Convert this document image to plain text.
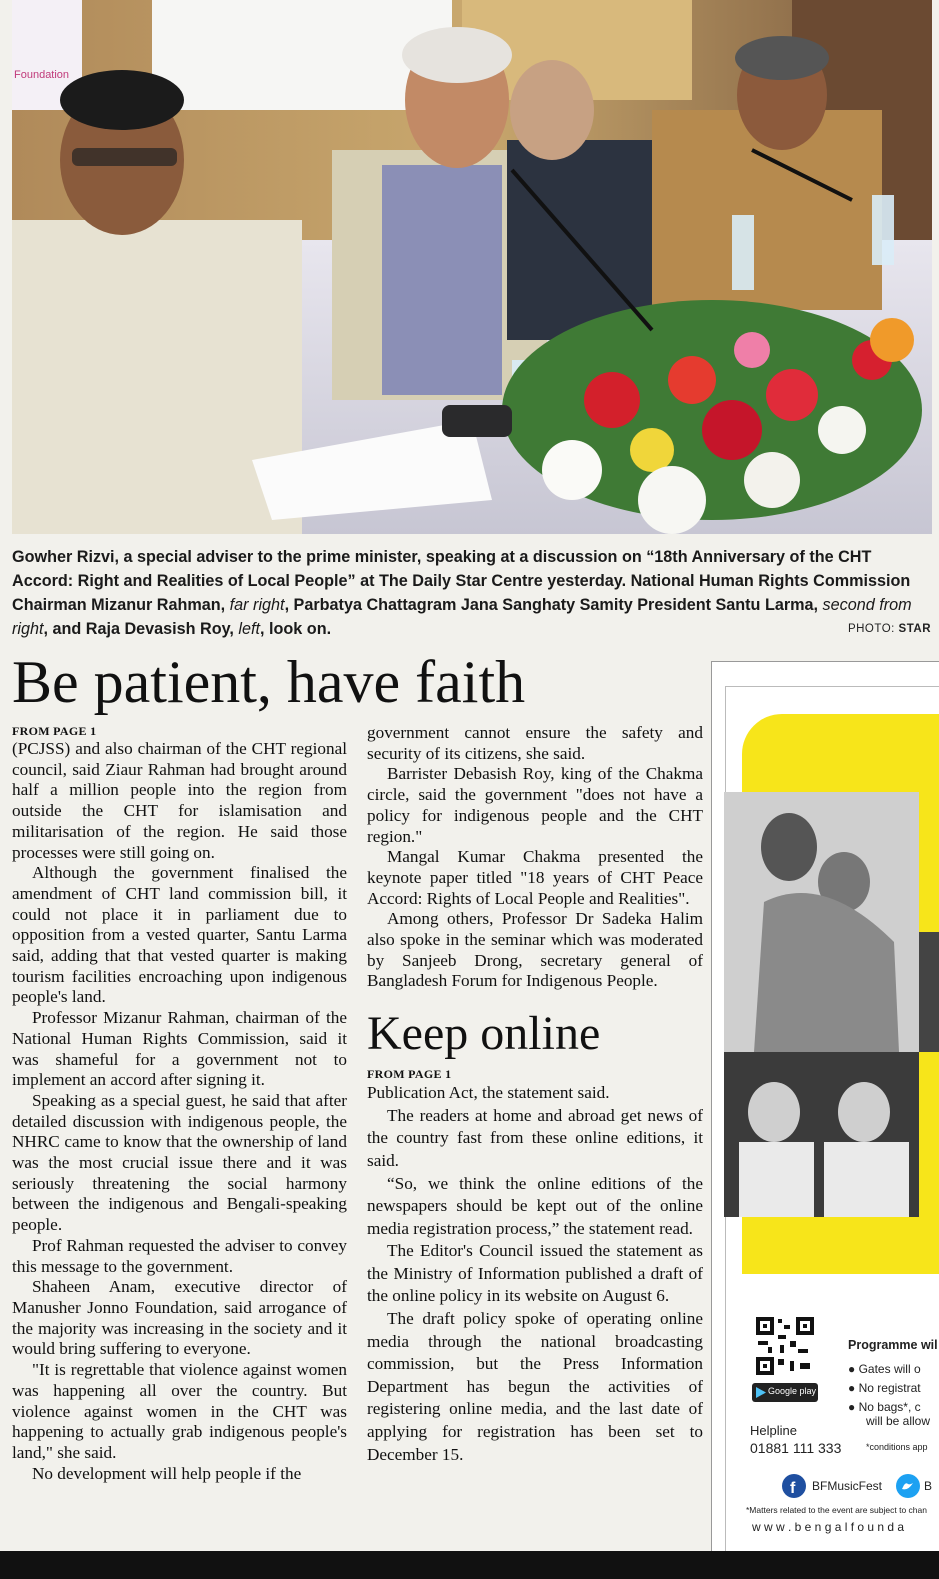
Foundation
Gowher Rizvi, a special adviser to the prime minister, speaking at a discussion on “18th Anniversary of the CHT Accord: Right and Realities of Local People” at The Daily Star Centre yesterday. National Human Rights Commission Chairman Mizanur Rahman, far right, Parbatya Chattagram Jana Sanghaty Samity President Santu Larma, second from right, and Raja Devasish Roy, left, look on.	PHOTO: STAR
Be patient, have faith
FROM PAGE 1

(PCJSS) and also chairman of the CHT regional council, said Ziaur Rahman had brought around half a million people into the region from outside the CHT for islamisation and militarisation of the region. He said those processes were still going on.

Although the government finalised the amendment of CHT land commission bill, it could not place it in parliament due to opposition from a vested quarter, Santu Larma said, adding that that vested quarter is making tourism facilities encroaching upon indigenous people's land.

Professor Mizanur Rahman, chairman of the National Human Rights Commission, said it was shameful for a government not to implement an accord after signing it.

Speaking as a special guest, he said that after detailed discussion with indigenous people, the NHRC came to know that the ownership of land was the most crucial issue there and it was seriously threatening the social harmony between the indigenous and Bengali-speaking people.

Prof Rahman requested the adviser to convey this message to the government.

Shaheen Anam, executive director of Manusher Jonno Foundation, said arrogance of the majority was increasing in the society and it would bring suffering to everyone.

"It is regrettable that violence against women was happening all over the country. But violence against women in the CHT was happening to actually grab indigenous people's land," she said.

No development will help people if the

government cannot ensure the safety and security of its citizens, she said.

Barrister Debasish Roy, king of the Chakma circle, said the government "does not have a policy for indigenous people and the CHT region."

Mangal Kumar Chakma presented the keynote paper titled "18 years of CHT Peace Accord: Rights of Local People and Realities".

Among others, Professor Dr Sadeka Halim also spoke in the seminar which was moderated by Sanjeeb Drong, secretary general of Bangladesh Forum for Indigenous People.

Keep online
FROM PAGE 1

Publication Act, the statement said.

The readers at home and abroad get news of the country fast from these online editions, it said.

“So, we think the online editions of the newspapers should be kept out of the online media registration process,” the statement read.

The Editor's Council issued the statement as the Ministry of Information published a draft of the online policy in its website on August 6.

The draft policy spoke of operating online media through the national broadcasting commission, but the Press Information Department has begun the activities of registering online media, and the last date of applying for registration has been set to December 15.

Google play
Programme wil
● Gates will o
● No registrat
● No bags*, c
will be allow
Helpline
01881 111 333	*conditions app
f BFMusicFest	B
*Matters related to the event are subject to chan
w w w . b e n g a l f o u n d a
